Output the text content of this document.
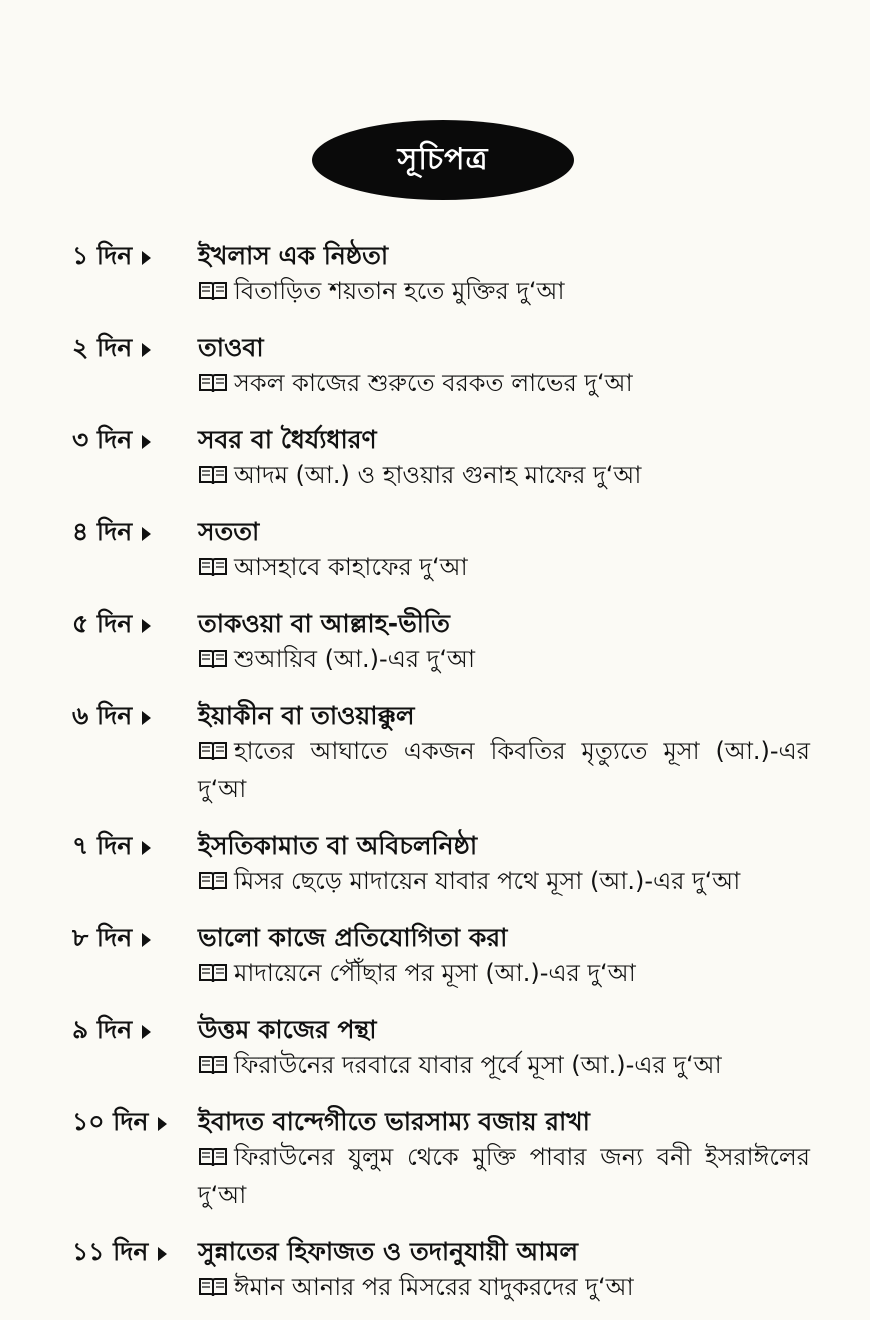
সূচিপত্র
১ দিন	ইখলাস এক নিষ্ঠতা
বিতাড়িত শয়তান হতে মুক্তির দু‘আ
২ দিন	তাওবা
সকল কাজের শুরুতে বরকত লাভের দু‘আ
৩ দিন	সবর বা ধৈর্য্যধারণ
আদম (আ.) ও হাওয়ার গুনাহ মাফের দু‘আ
৪ দিন	সততা
আসহাবে কাহাফের দু‘আ
৫ দিন	তাকওয়া বা আল্লাহ-ভীতি
শুআয়িব (আ.)-এর দু‘আ
৬ দিন	ইয়াকীন বা তাওয়াক্কুল
হাতের আঘাতে একজন কিবতির মৃত্যুতে মূসা (আ.)-এর দু‘আ
৭ দিন	ইসতিকামাত বা অবিচলনিষ্ঠা
মিসর ছেড়ে মাদায়েন যাবার পথে মূসা (আ.)-এর দু‘আ
৮ দিন	ভালো কাজে প্রতিযোগিতা করা
মাদায়েনে পৌঁছার পর মূসা (আ.)-এর দু‘আ
৯ দিন	উত্তম কাজের পন্থা
ফিরাউনের দরবারে যাবার পূর্বে মূসা (আ.)-এর দু‘আ
১০ দিন ইবাদত বান্দেগীতে ভারসাম্য বজায় রাখা
ফিরাউনের যুলুম থেকে মুক্তি পাবার জন্য বনী ইসরাঈলের দু‘আ
১১ দিন সুন্নাতের হিফাজত ও তদানুযায়ী আমল
ঈমান আনার পর মিসরের যাদুকরদের দু‘আ
